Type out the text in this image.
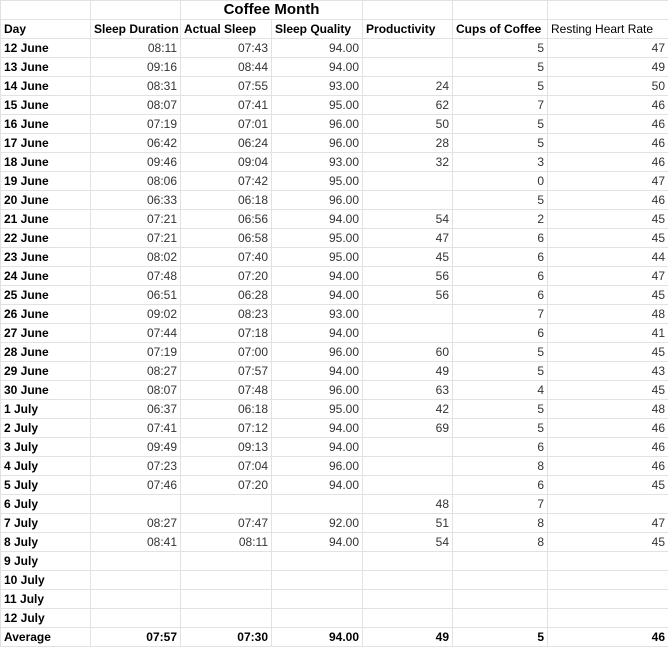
		Coffee Month				
Day	Sleep Duration	Actual Sleep	Sleep Quality	Productivity	Cups of Coffee	Resting Heart Rate
12 June	08:11	07:43	94.00		5	47
13 June	09:16	08:44	94.00		5	49
14 June	08:31	07:55	93.00	24	5	50
15 June	08:07	07:41	95.00	62	7	46
16 June	07:19	07:01	96.00	50	5	46
17 June	06:42	06:24	96.00	28	5	46
18 June	09:46	09:04	93.00	32	3	46
19 June	08:06	07:42	95.00		0	47
20 June	06:33	06:18	96.00		5	46
21 June	07:21	06:56	94.00	54	2	45
22 June	07:21	06:58	95.00	47	6	45
23 June	08:02	07:40	95.00	45	6	44
24 June	07:48	07:20	94.00	56	6	47
25 June	06:51	06:28	94.00	56	6	45
26 June	09:02	08:23	93.00		7	48
27 June	07:44	07:18	94.00		6	41
28 June	07:19	07:00	96.00	60	5	45
29 June	08:27	07:57	94.00	49	5	43
30 June	08:07	07:48	96.00	63	4	45
1 July	06:37	06:18	95.00	42	5	48
2 July	07:41	07:12	94.00	69	5	46
3 July	09:49	09:13	94.00		6	46
4 July	07:23	07:04	96.00		8	46
5 July	07:46	07:20	94.00		6	45
6 July				48	7	
7 July	08:27	07:47	92.00	51	8	47
8 July	08:41	08:11	94.00	54	8	45
9 July						
10 July						
11 July						
12 July						
Average	07:57	07:30	94.00	49	5	46
